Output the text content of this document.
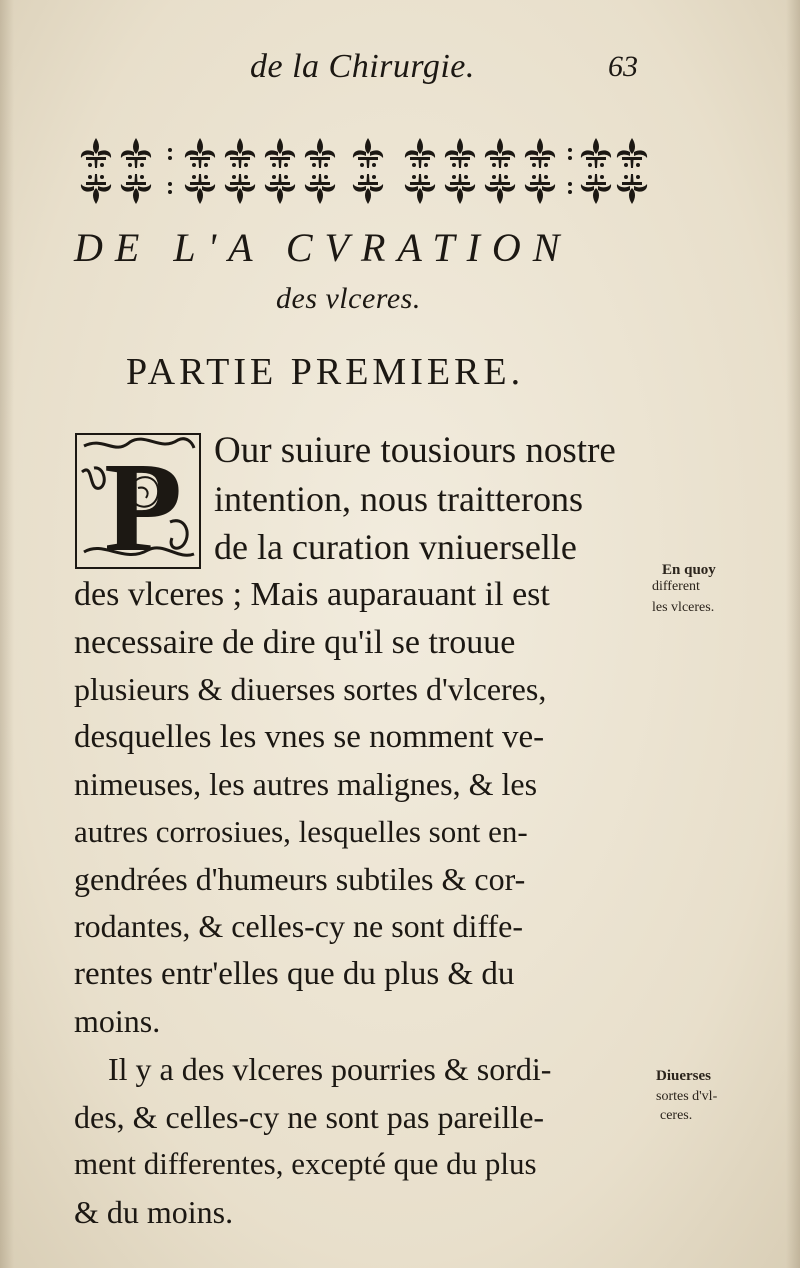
de la Chirurgie.	63
DE L'A CVRATION
des vlceres.
PARTIE PREMIERE.
P Our suiure tousiours nostre
intention, nous traitterons
de la curation vniuerselle
des vlceres ; Mais auparauant il est
necessaire de dire qu'il se trouue
plusieurs & diuerses sortes d'vlceres,
desquelles les vnes se nomment ve-
nimeuses, les autres malignes, & les
autres corrosiues, lesquelles sont en-
gendrées d'humeurs subtiles & cor-
rodantes, & celles-cy ne sont diffe-
rentes entr'elles que du plus & du
moins.
Il y a des vlceres pourries & sordi-
des, & celles-cy ne sont pas pareille-
ment differentes, excepté que du plus
& du moins.
En quoy
different
les vlceres.
Diuerses
sortes d'vl-
ceres.
